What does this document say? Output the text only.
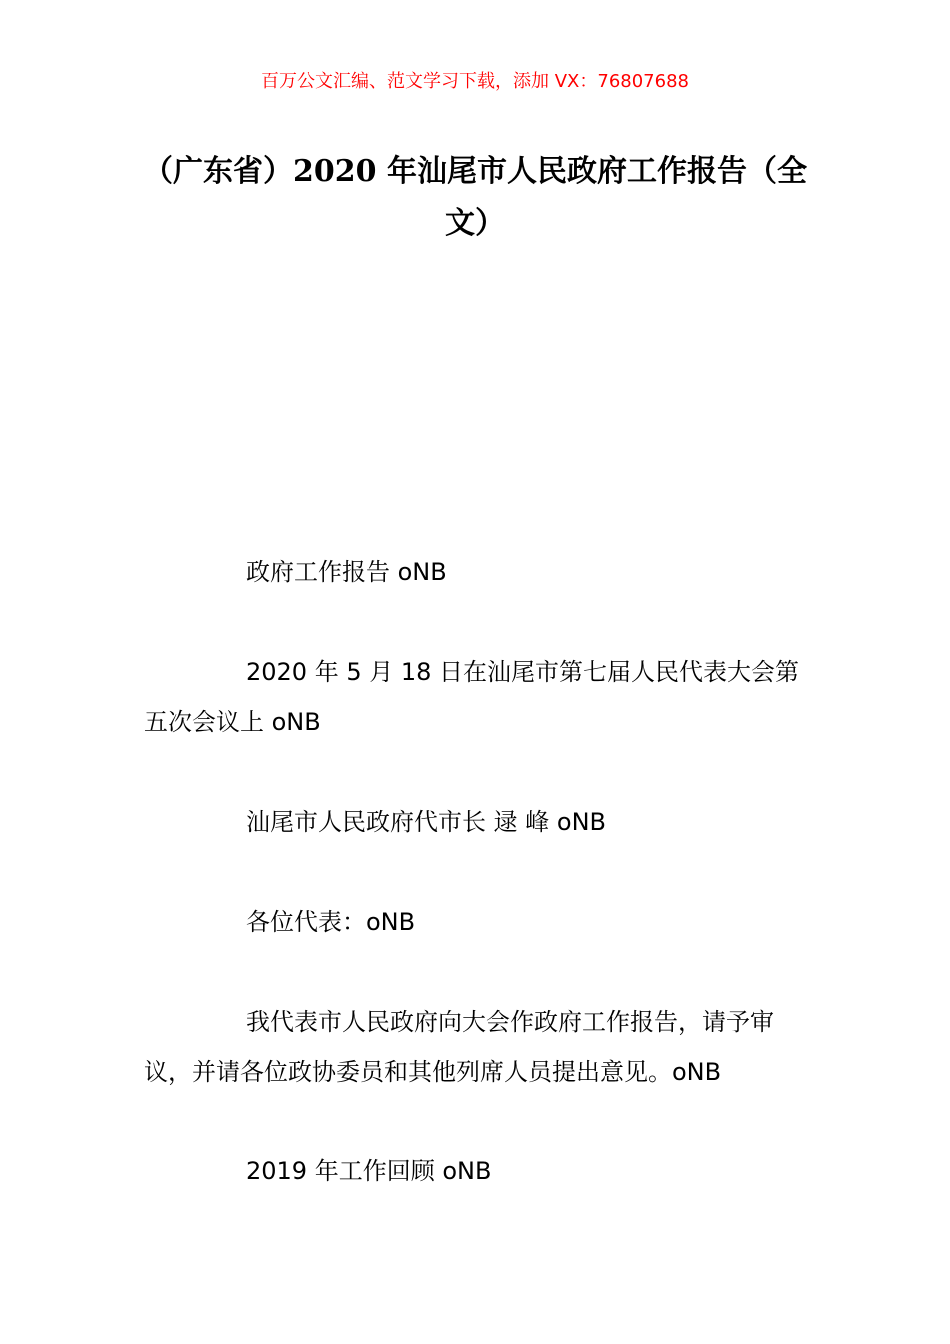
百万公文汇编、范文学习下载，添加 VX：76807688
（广东省）2020 年汕尾市人民政府工作报告（全文）

政府工作报告 oNB

2020 年 5 月 18 日在汕尾市第七届人民代表大会第五次会议上 oNB

汕尾市人民政府代市长 逯 峰 oNB

各位代表：oNB

我代表市人民政府向大会作政府工作报告，请予审议，并请各位政协委员和其他列席人员提出意见。oNB

2019 年工作回顾 oNB
